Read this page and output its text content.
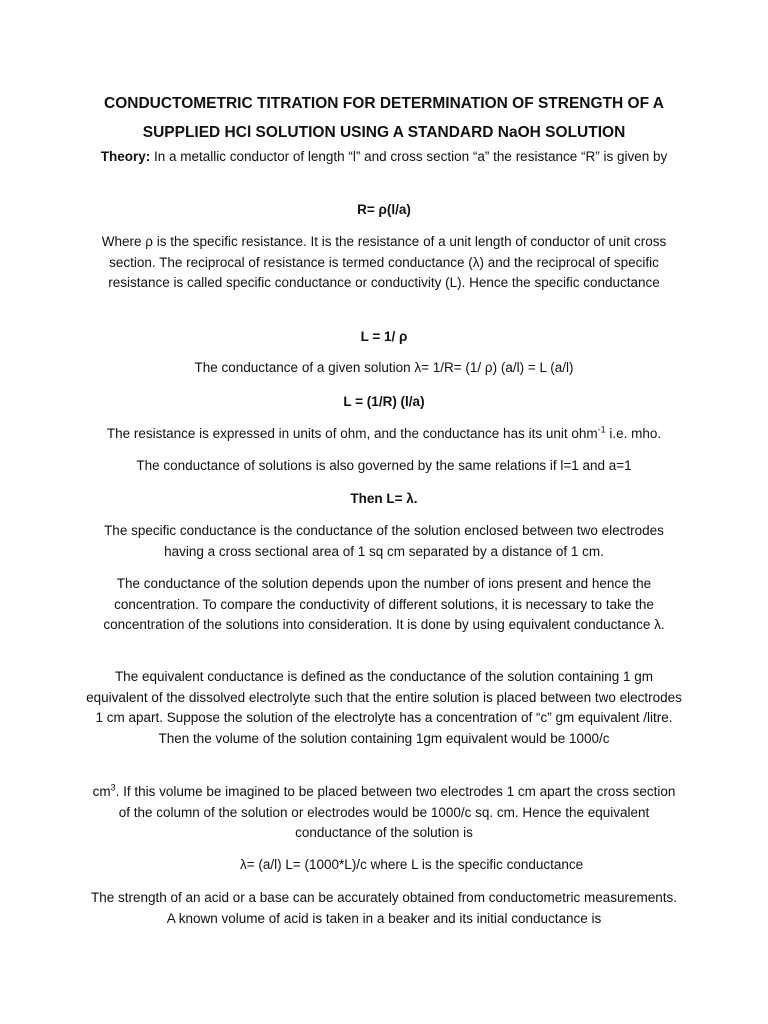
CONDUCTOMETRIC TITRATION FOR DETERMINATION OF STRENGTH OF A
SUPPLIED HCl SOLUTION USING A STANDARD NaOH SOLUTION
Theory: In a metallic conductor of length “l” and cross section “a” the resistance “R” is given by
R= ρ(l/a)
Where ρ is the specific resistance. It is the resistance of a unit length of conductor of unit cross section. The reciprocal of resistance is termed conductance (λ) and the reciprocal of specific resistance is called specific conductance or conductivity (L). Hence the specific conductance
L = 1/ ρ
The conductance of a given solution λ= 1/R= (1/ ρ) (a/l) = L (a/l)
L = (1/R) (l/a)
The resistance is expressed in units of ohm, and the conductance has its unit ohm$^{-1}$ i.e. mho.
The conductance of solutions is also governed by the same relations if l=1 and a=1
Then L= λ.
The specific conductance is the conductance of the solution enclosed between two electrodes having a cross sectional area of 1 sq cm separated by a distance of 1 cm.
The conductance of the solution depends upon the number of ions present and hence the concentration. To compare the conductivity of different solutions, it is necessary to take the concentration of the solutions into consideration. It is done by using equivalent conductance λ.
The equivalent conductance is defined as the conductance of the solution containing 1 gm equivalent of the dissolved electrolyte such that the entire solution is placed between two electrodes 1 cm apart. Suppose the solution of the electrolyte has a concentration of “c” gm equivalent /litre. Then the volume of the solution containing 1gm equivalent would be 1000/c
$cm^3$. If this volume be imagined to be placed between two electrodes 1 cm apart the cross section of the column of the solution or electrodes would be 1000/c sq. cm. Hence the equivalent conductance of the solution is
λ= (a/l) L= (1000*L)/c where L is the specific conductance
The strength of an acid or a base can be accurately obtained from conductometric measurements. A known volume of acid is taken in a beaker and its initial conductance is
